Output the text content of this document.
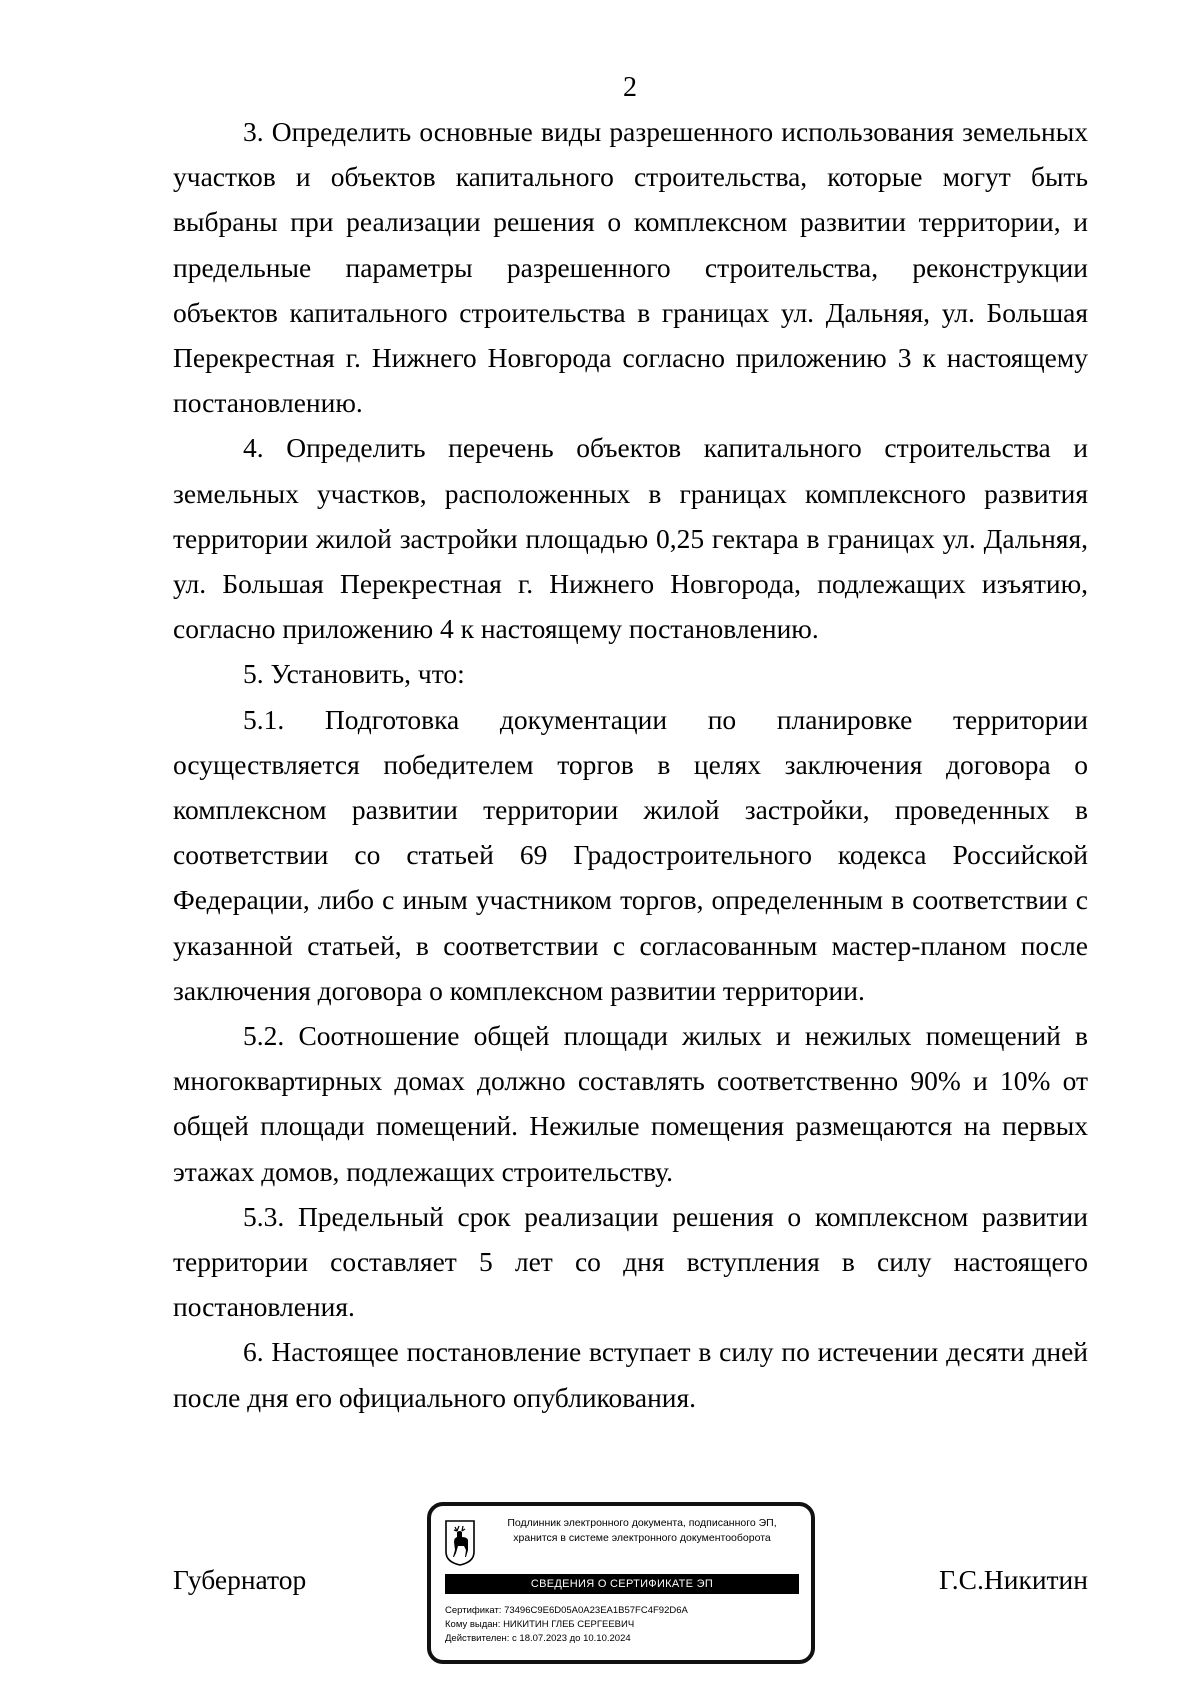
2

3. Определить основные виды разрешенного использования земельных участков и объектов капитального строительства, которые могут быть выбраны при реализации решения о комплексном развитии территории, и предельные параметры разрешенного строительства, реконструкции объектов капитального строительства в границах ул. Дальняя, ул. Большая Перекрестная г. Нижнего Новгорода согласно приложению 3 к настоящему постановлению.

4. Определить перечень объектов капитального строительства и земельных участков, расположенных в границах комплексного развития территории жилой застройки площадью 0,25 гектара в границах ул. Дальняя, ул. Большая Перекрестная г. Нижнего Новгорода, подлежащих изъятию, согласно приложению 4 к настоящему постановлению.

5. Установить, что:

5.1. Подготовка документации по планировке территории осуществляется победителем торгов в целях заключения договора о комплексном развитии территории жилой застройки, проведенных в соответствии со статьей 69 Градостроительного кодекса Российской Федерации, либо с иным участником торгов, определенным в соответствии с указанной статьей, в соответствии с согласованным мастер-планом после заключения договора о комплексном развитии территории.

5.2. Соотношение общей площади жилых и нежилых помещений в многоквартирных домах должно составлять соответственно 90% и 10% от общей площади помещений. Нежилые помещения размещаются на первых этажах домов, подлежащих строительству.

5.3. Предельный срок реализации решения о комплексном развитии территории составляет 5 лет со дня вступления в силу настоящего постановления.

6. Настоящее постановление вступает в силу по истечении десяти дней после дня его официального опубликования.

Губернатор
Подлинник электронного документа, подписанного ЭП,
хранится в системе электронного документооборота
СВЕДЕНИЯ О СЕРТИФИКАТЕ ЭП
Сертификат: 73496C9E6D05A0A23EA1B57FC4F92D6A
Кому выдан: НИКИТИН ГЛЕБ СЕРГЕЕВИЧ
Действителен: с 18.07.2023 до 10.10.2024
Г.С.Никитин
